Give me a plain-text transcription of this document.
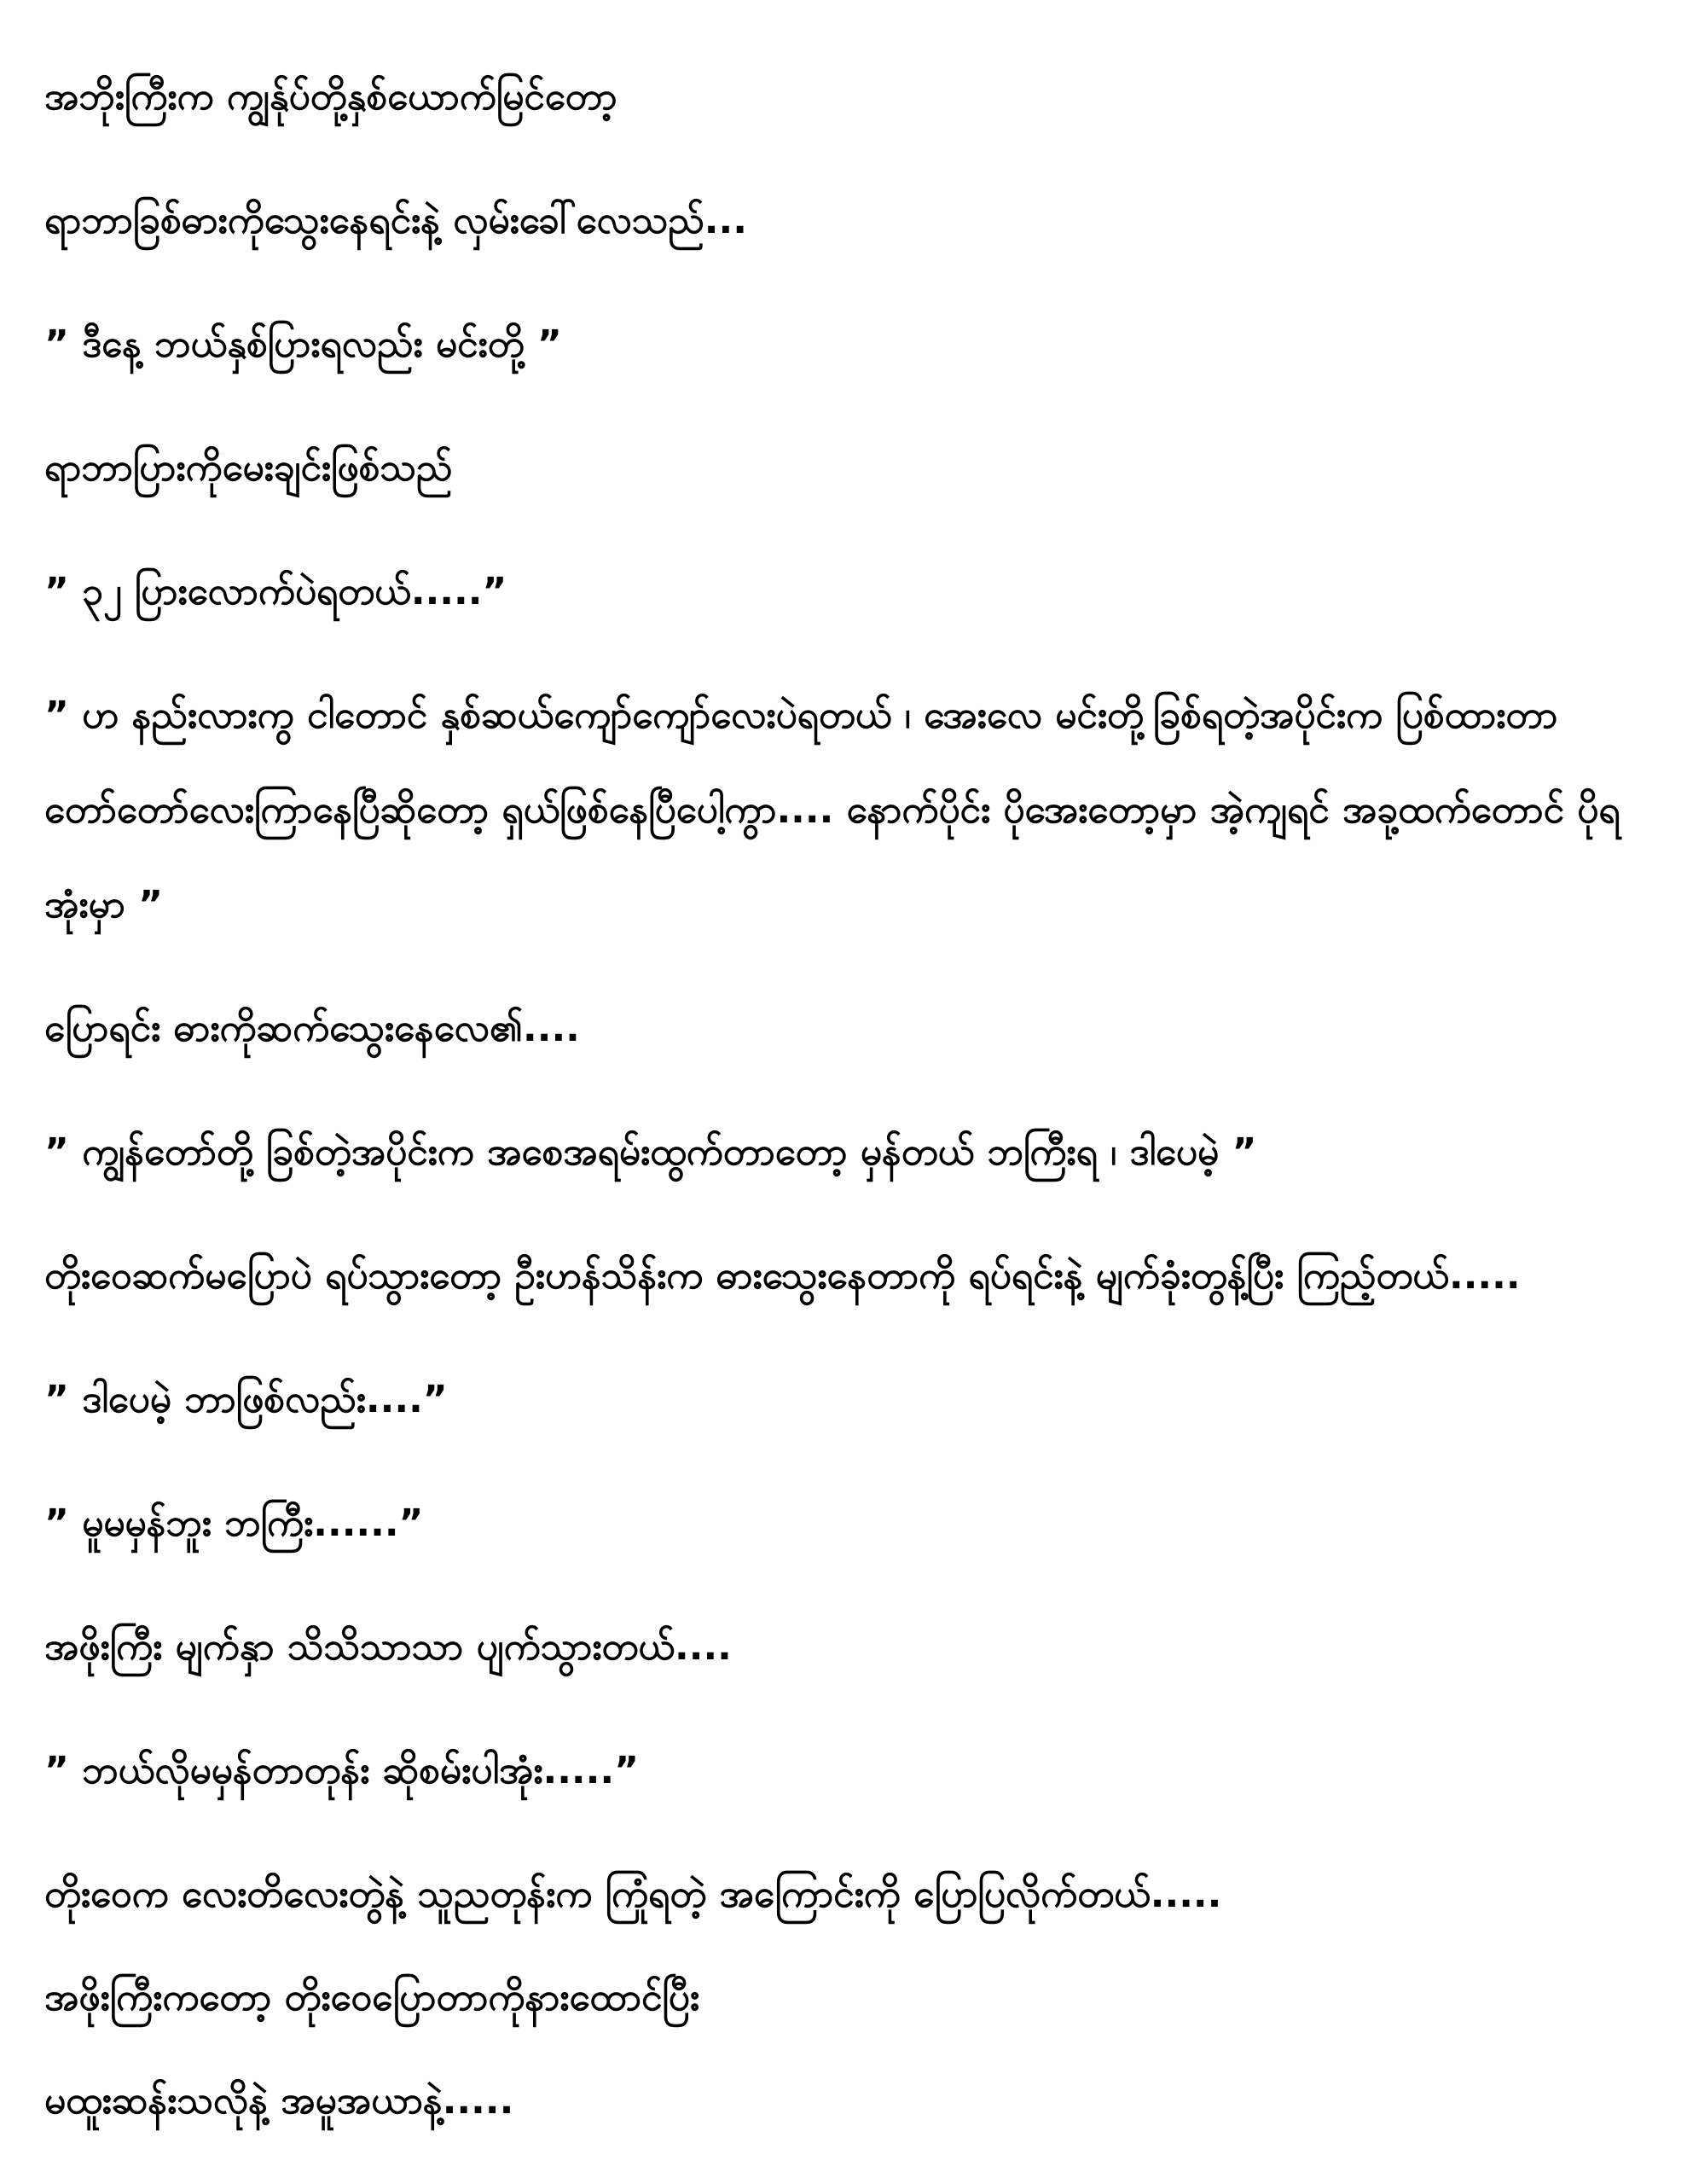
အဘိုးကြီးက ကျွန်ုပ်တို့နှစ်ယောက်မြင်တော့

ရာဘာခြစ်ဓားကိုသွေးနေရင်းနဲ့ လှမ်းခေါ်လေသည်...

” ဒီနေ့ ဘယ်နှစ်ပြားရလည်း မင်းတို့ ”

ရာဘာပြားကိုမေးချင်းဖြစ်သည်

” ၃၂ ပြားလောက်ပဲရတယ်.....”

” ဟ နည်းလားကွ ငါတောင် နှစ်ဆယ်ကျော်ကျော်လေးပဲရတယ် ၊ အေးလေ မင်းတို့ခြစ်ရတဲ့အပိုင်းက ပြစ်ထားတာတော်တော်လေးကြာနေပြီဆိုတော့ ရှယ်ဖြစ်နေပြီပေါ့ကွာ.... နောက်ပိုင်း ပိုအေးတော့မှာ အဲ့ကျရင် အခု့ထက်တောင် ပိုရအုံးမှာ ”

ပြောရင်း ဓားကိုဆက်သွေးနေလေ၏....

” ကျွန်တော်တို့ ခြစ်တဲ့အပိုင်းက အစေအရမ်းထွက်တာတော့ မှန်တယ် ဘကြီးရ ၊ ဒါပေမဲ့ ”

တိုးဝေဆက်မပြောပဲ ရပ်သွားတော့ ဦးဟန်သိန်းက ဓားသွေးနေတာကို ရပ်ရင်းနဲ့ မျက်ခုံးတွန့်ပြီး ကြည့်တယ်.....

” ဒါပေမဲ့ ဘာဖြစ်လည်း....”

” မူမမှန်ဘူး ဘကြီး......”

အဖိုးကြီး မျက်နှာ သိသိသာသာ ပျက်သွားတယ်....

” ဘယ်လိုမမှန်တာတုန်း ဆိုစမ်းပါအုံး.....”

တိုးဝေက လေးတိလေးတွဲနဲ့ သူညတုန်းက ကြုံရတဲ့ အကြောင်းကို ပြောပြလိုက်တယ်.....

အဖိုးကြီးကတော့ တိုးဝေပြောတာကိုနားထောင်ပြီး

မထူးဆန်းသလိုနဲ့ အမူအယာနဲ့.....
